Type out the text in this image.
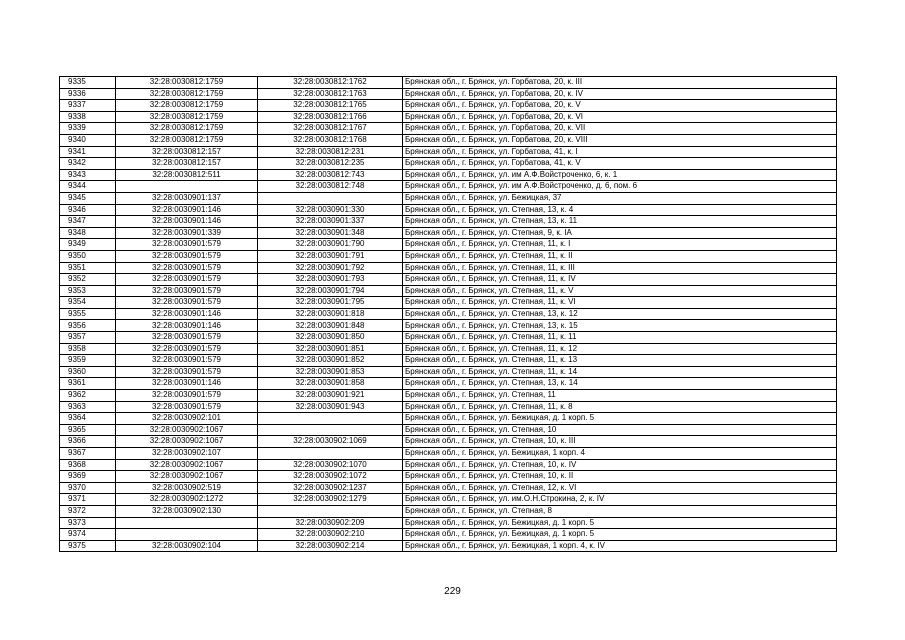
9335	32:28:0030812:1759	32:28:0030812:1762	Брянская обл., г. Брянск, ул. Горбатова, 20, к. III
9336	32:28:0030812:1759	32:28:0030812:1763	Брянская обл., г. Брянск, ул. Горбатова, 20, к. IV
9337	32:28:0030812:1759	32:28:0030812:1765	Брянская обл., г. Брянск, ул. Горбатова, 20, к. V
9338	32:28:0030812:1759	32:28:0030812:1766	Брянская обл., г. Брянск, ул. Горбатова, 20, к. VI
9339	32:28:0030812:1759	32:28:0030812:1767	Брянская обл., г. Брянск, ул. Горбатова, 20, к. VII
9340	32:28:0030812:1759	32:28:0030812:1768	Брянская обл., г. Брянск, ул. Горбатова, 20, к. VIII
9341	32:28:0030812:157	32:28:0030812:231	Брянская обл., г. Брянск, ул. Горбатова, 41, к. I
9342	32:28:0030812:157	32:28:0030812:235	Брянская обл., г. Брянск, ул. Горбатова, 41, к. V
9343	32:28:0030812:511	32:28:0030812:743	Брянская обл., г. Брянск, ул. им А.Ф.Войстроченко, 6, к. 1
9344		32:28:0030812:748	Брянская обл., г. Брянск, ул. им А.Ф.Войстроченко, д. 6, пом. 6
9345	32:28:0030901:137		Брянская обл., г. Брянск, ул. Бежицкая, 37
9346	32:28:0030901:146	32:28:0030901:330	Брянская обл., г. Брянск, ул. Степная, 13, к. 4
9347	32:28:0030901:146	32:28:0030901:337	Брянская обл., г. Брянск, ул. Степная, 13, к. 11
9348	32:28:0030901:339	32:28:0030901:348	Брянская обл., г. Брянск, ул. Степная, 9, к. IA
9349	32:28:0030901:579	32:28:0030901:790	Брянская обл., г. Брянск, ул. Степная, 11, к. I
9350	32:28:0030901:579	32:28:0030901:791	Брянская обл., г. Брянск, ул. Степная, 11, к. II
9351	32:28:0030901:579	32:28:0030901:792	Брянская обл., г. Брянск, ул. Степная, 11, к. III
9352	32:28:0030901:579	32:28:0030901:793	Брянская обл., г. Брянск, ул. Степная, 11, к. IV
9353	32:28:0030901:579	32:28:0030901:794	Брянская обл., г. Брянск, ул. Степная, 11, к. V
9354	32:28:0030901:579	32:28:0030901:795	Брянская обл., г. Брянск, ул. Степная, 11, к. VI
9355	32:28:0030901:146	32:28:0030901:818	Брянская обл., г. Брянск, ул. Степная, 13, к. 12
9356	32:28:0030901:146	32:28:0030901:848	Брянская обл., г. Брянск, ул. Степная, 13, к. 15
9357	32:28:0030901:579	32:28:0030901:850	Брянская обл., г. Брянск, ул. Степная, 11, к. 11
9358	32:28:0030901:579	32:28:0030901:851	Брянская обл., г. Брянск, ул. Степная, 11, к. 12
9359	32:28:0030901:579	32:28:0030901:852	Брянская обл., г. Брянск, ул. Степная, 11, к. 13
9360	32:28:0030901:579	32:28:0030901:853	Брянская обл., г. Брянск, ул. Степная, 11, к. 14
9361	32:28:0030901:146	32:28:0030901:858	Брянская обл., г. Брянск, ул. Степная, 13, к. 14
9362	32:28:0030901:579	32:28:0030901:921	Брянская обл., г. Брянск, ул. Степная, 11
9363	32:28:0030901:579	32:28:0030901:943	Брянская обл., г. Брянск, ул. Степная, 11, к. 8
9364	32:28:0030902:101		Брянская обл., г. Брянск, ул. Бежицкая, д. 1 корп. 5
9365	32:28:0030902:1067		Брянская обл., г. Брянск, ул. Степная, 10
9366	32:28:0030902:1067	32:28:0030902:1069	Брянская обл., г. Брянск, ул. Степная, 10, к. III
9367	32:28:0030902:107		Брянская обл., г. Брянск, ул. Бежицкая, 1 корп. 4
9368	32:28:0030902:1067	32:28:0030902:1070	Брянская обл., г. Брянск, ул. Степная, 10, к. IV
9369	32:28:0030902:1067	32:28:0030902:1072	Брянская обл., г. Брянск, ул. Степная, 10, к. II
9370	32:28:0030902:519	32:28:0030902:1237	Брянская обл., г. Брянск, ул. Степная, 12, к. VI
9371	32:28:0030902:1272	32:28:0030902:1279	Брянская обл., г. Брянск, ул. им.О.Н.Строкина, 2, к. IV
9372	32:28:0030902:130		Брянская обл., г. Брянск, ул. Степная, 8
9373		32:28:0030902:209	Брянская обл., г. Брянск, ул. Бежицкая, д. 1 корп. 5
9374		32:28:0030902:210	Брянская обл., г. Брянск, ул. Бежицкая, д. 1 корп. 5
9375	32:28:0030902:104	32:28:0030902:214	Брянская обл., г. Брянск, ул. Бежицкая, 1 корп. 4, к. IV
229
